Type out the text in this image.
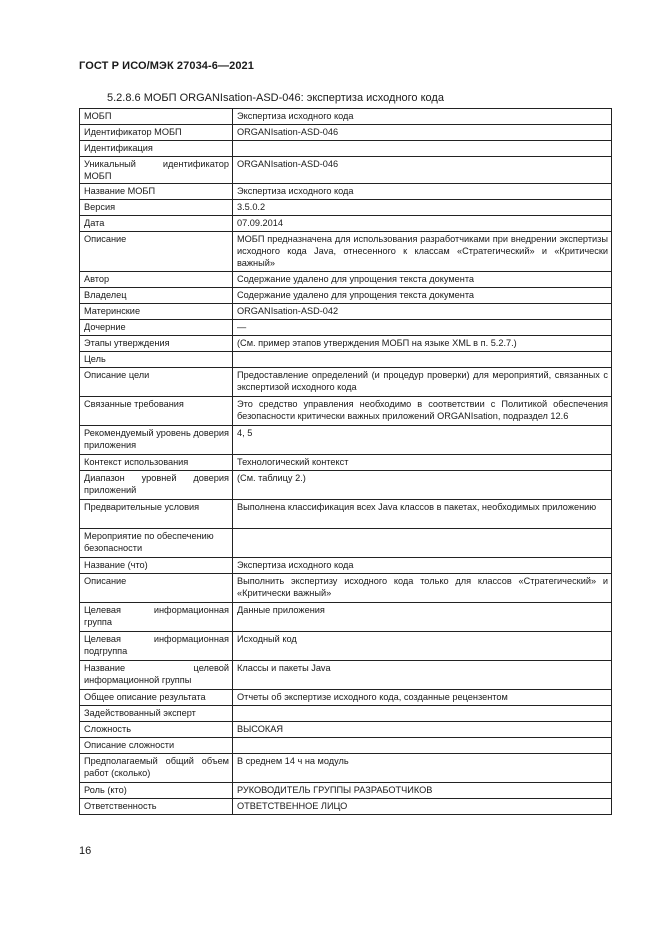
ГОСТ Р ИСО/МЭК 27034-6—2021
5.2.8.6 МОБП ORGANIsation-ASD-046: экспертиза исходного кода
МОБП	Экспертиза исходного кода
Идентификатор МОБП	ORGANIsation-ASD-046
Идентификация	
Уникальный идентификатор МОБП	ORGANIsation-ASD-046
Название МОБП	Экспертиза исходного кода
Версия	3.5.0.2
Дата	07.09.2014
Описание	МОБП предназначена для использования разработчиками при внедрении экспертизы исходного кода Java, отнесенного к классам «Стратегический» и «Критически важный»
Автор	Содержание удалено для упрощения текста документа
Владелец	Содержание удалено для упрощения текста документа
Материнские	ORGANIsation-ASD-042
Дочерние	—
Этапы утверждения	(См. пример этапов утверждения МОБП на языке XML в п. 5.2.7.)
Цель	
Описание цели	Предоставление определений (и процедур проверки) для мероприятий, связанных с экспертизой исходного кода
Связанные требования	Это средство управления необходимо в соответствии с Политикой обеспечения безопасности критически важных приложений ORGANIsation, подраздел 12.6
Рекомендуемый уровень доверия приложения	4, 5
Контекст использования	Технологический контекст
Диапазон уровней доверия приложений	(См. таблицу 2.)
Предварительные условия	Выполнена классификация всех Java классов в пакетах, необходимых приложению
Мероприятие по обеспечению безопасности	
Название (что)	Экспертиза исходного кода
Описание	Выполнить экспертизу исходного кода только для классов «Стратегический» и «Критически важный»
Целевая информационная группа	Данные приложения
Целевая информационная подгруппа	Исходный код
Название целевой информационной группы	Классы и пакеты Java
Общее описание результата	Отчеты об экспертизе исходного кода, созданные рецензентом
Задействованный эксперт	
Сложность	ВЫСОКАЯ
Описание сложности	
Предполагаемый общий объем работ (сколько)	В среднем 14 ч на модуль
Роль (кто)	РУКОВОДИТЕЛЬ ГРУППЫ РАЗРАБОТЧИКОВ
Ответственность	ОТВЕТСТВЕННОЕ ЛИЦО
16
